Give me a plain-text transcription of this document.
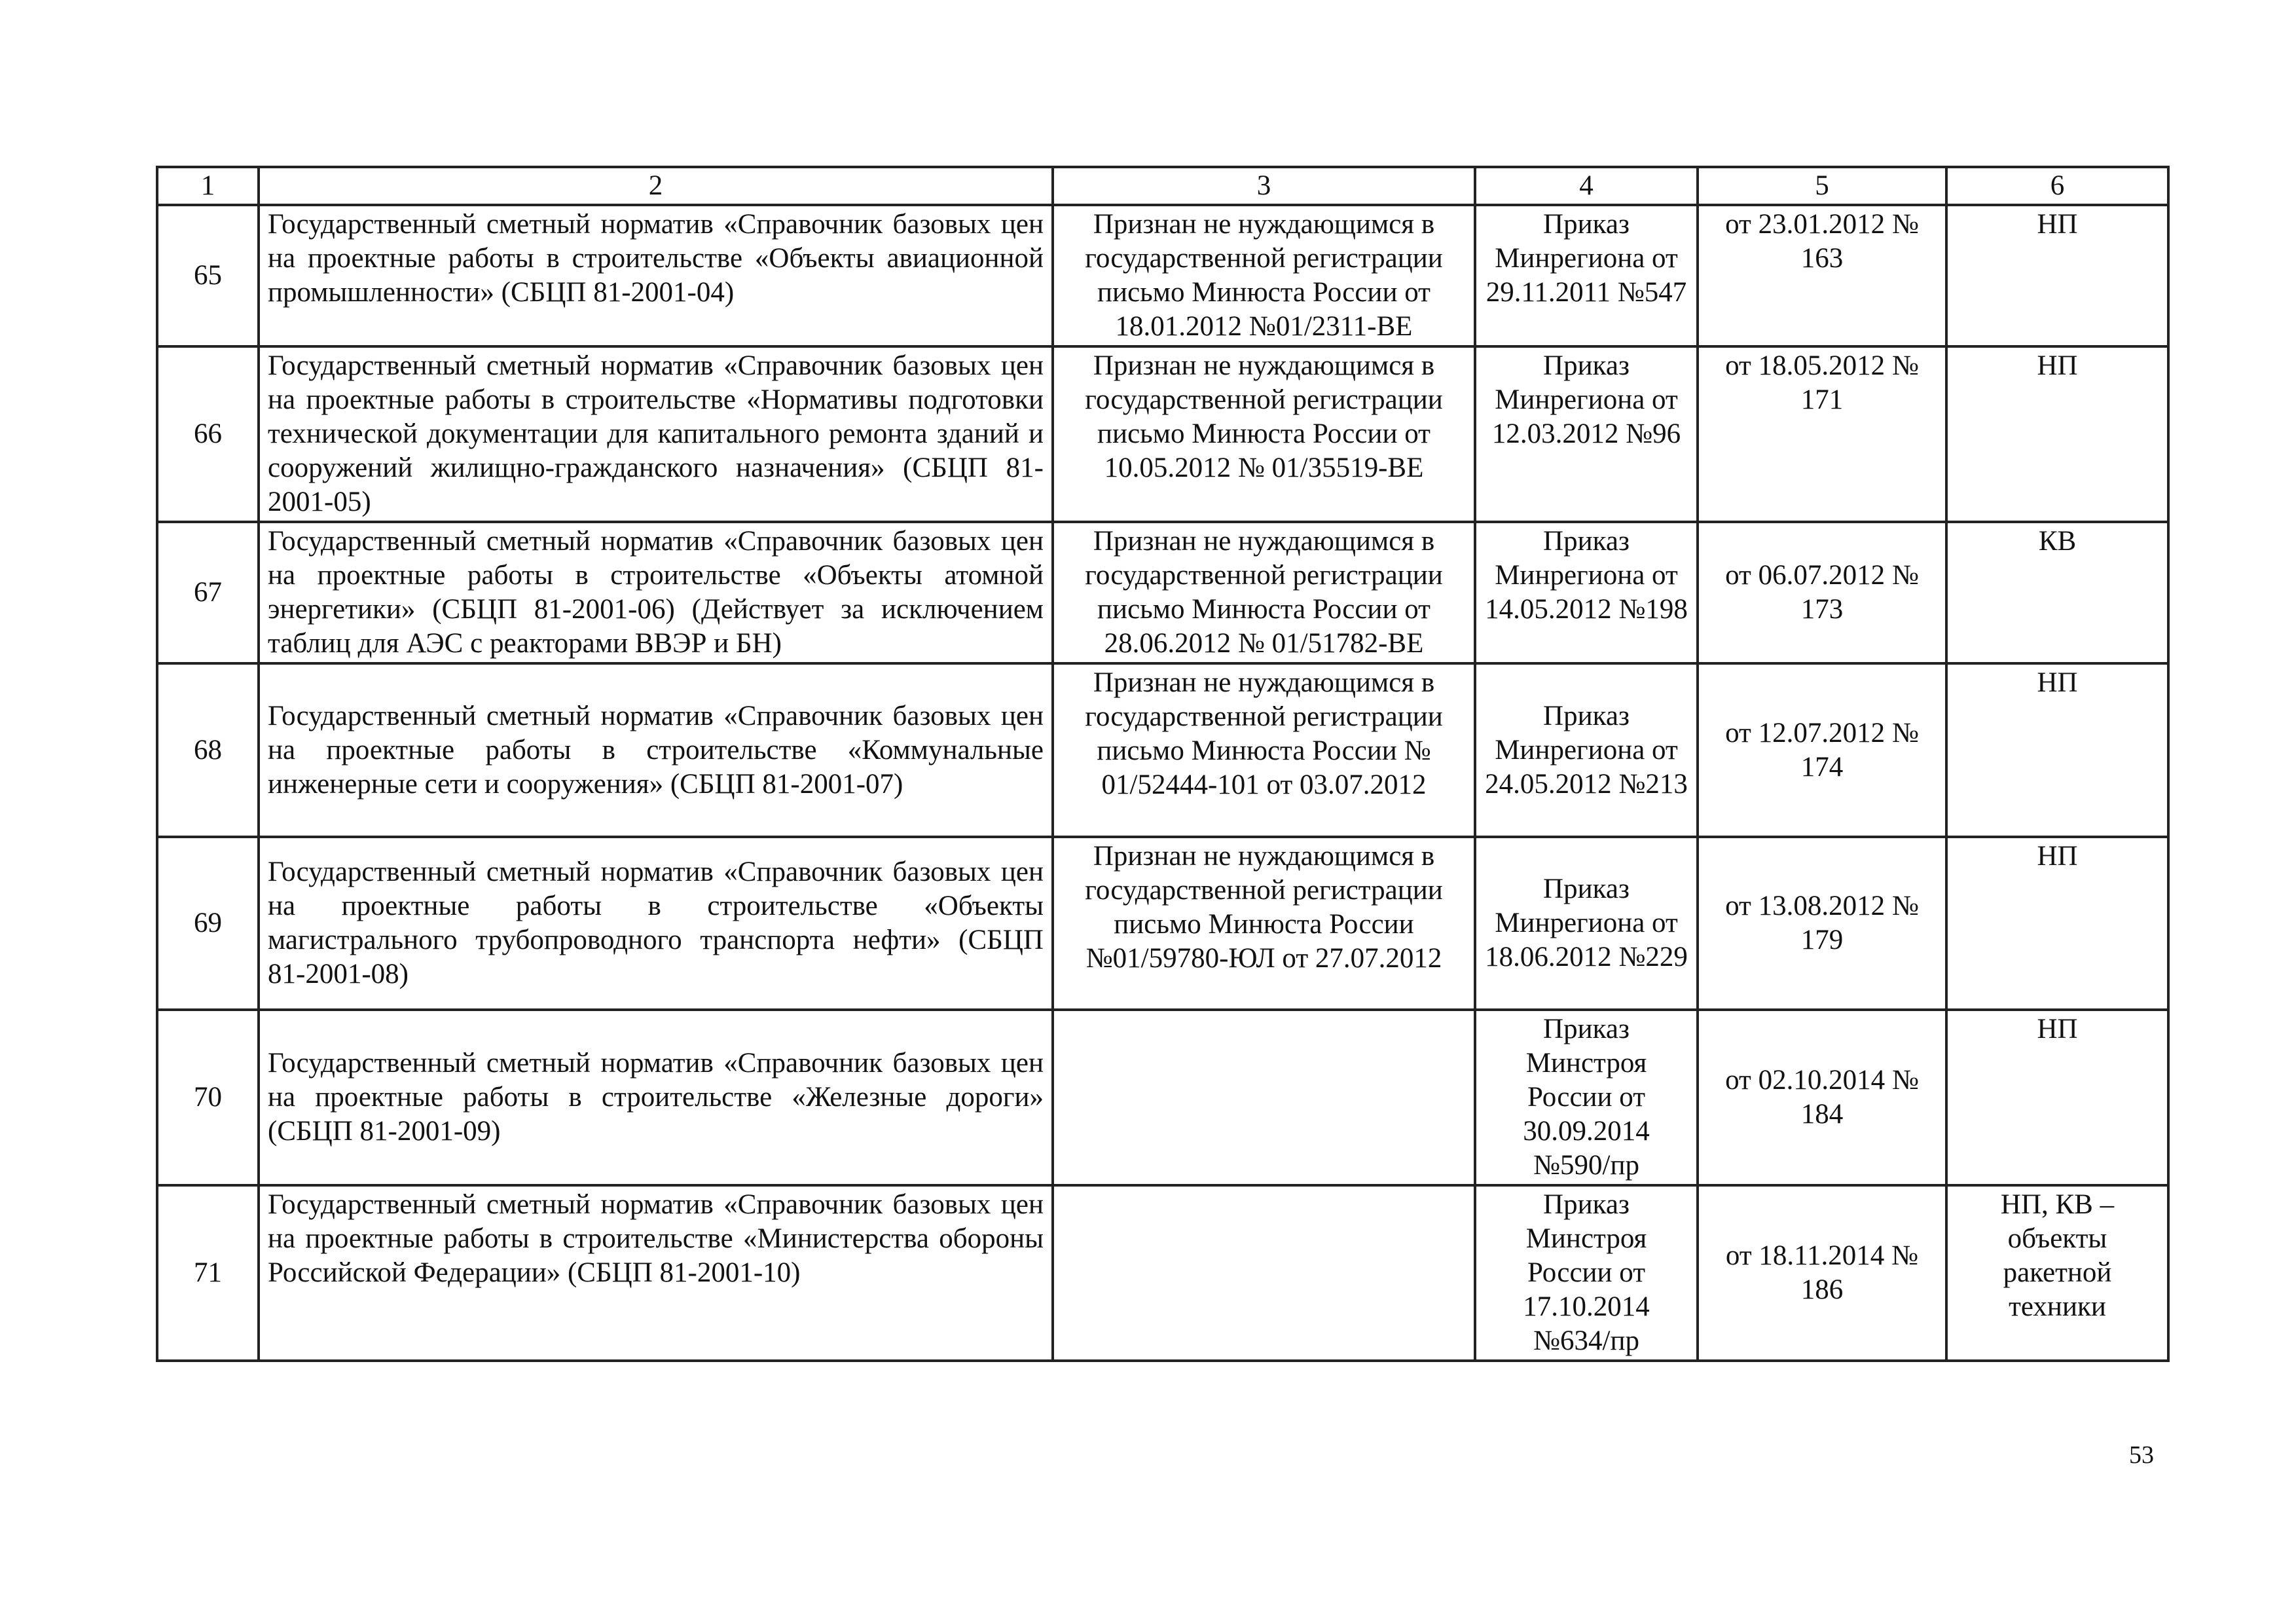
1	2	3	4	5	6
65	Государственный сметный норматив «Справочник базовых цен на проектные работы в строительстве «Объекты авиационной промышленности» (СБЦП 81-2001-04)	Признан не нуждающимся в государственной регистрации письмо Минюста России от 18.01.2012 №01/2311-ВЕ	Приказ Минрегиона от 29.11.2011 №547	от 23.01.2012 № 163	НП
66	Государственный сметный норматив «Справочник базовых цен на проектные работы в строительстве «Нормативы подготовки технической документации для капитального ремонта зданий и сооружений жилищно-гражданского назначения» (СБЦП 81-2001-05)	Признан не нуждающимся в государственной регистрации письмо Минюста России от 10.05.2012 № 01/35519-ВЕ	Приказ Минрегиона от 12.03.2012 №96	от 18.05.2012 № 171	НП
67	Государственный сметный норматив «Справочник базовых цен на проектные работы в строительстве «Объекты атомной энергетики» (СБЦП 81-2001-06) (Действует за исключением таблиц для АЭС с реакторами ВВЭР и БН)	Признан не нуждающимся в государственной регистрации письмо Минюста России от 28.06.2012 № 01/51782-ВЕ	Приказ Минрегиона от 14.05.2012 №198	от 06.07.2012 № 173	КВ
68	Государственный сметный норматив «Справочник базовых цен на проектные работы в строительстве «Коммунальные инженерные сети и сооружения» (СБЦП 81-2001-07)	Признан не нуждающимся в государственной регистрации письмо Минюста России № 01/52444-101 от 03.07.2012	Приказ Минрегиона от 24.05.2012 №213	от 12.07.2012 № 174	НП
69	Государственный сметный норматив «Справочник базовых цен на проектные работы в строительстве «Объекты магистрального трубопроводного транспорта нефти» (СБЦП 81-2001-08)	Признан не нуждающимся в государственной регистрации письмо Минюста России №01/59780-ЮЛ от 27.07.2012	Приказ Минрегиона от 18.06.2012 №229	от 13.08.2012 № 179	НП
70	Государственный сметный норматив «Справочник базовых цен на проектные работы в строительстве «Железные дороги» (СБЦП 81-2001-09)		Приказ Минстроя России от 30.09.2014 №590/пр	от 02.10.2014 № 184	НП
71	Государственный сметный норматив «Справочник базовых цен на проектные работы в строительстве «Министерства обороны Российской Федерации» (СБЦП 81-2001-10)		Приказ Минстроя России от 17.10.2014 №634/пр	от 18.11.2014 № 186	НП, КВ – объекты ракетной техники
53
